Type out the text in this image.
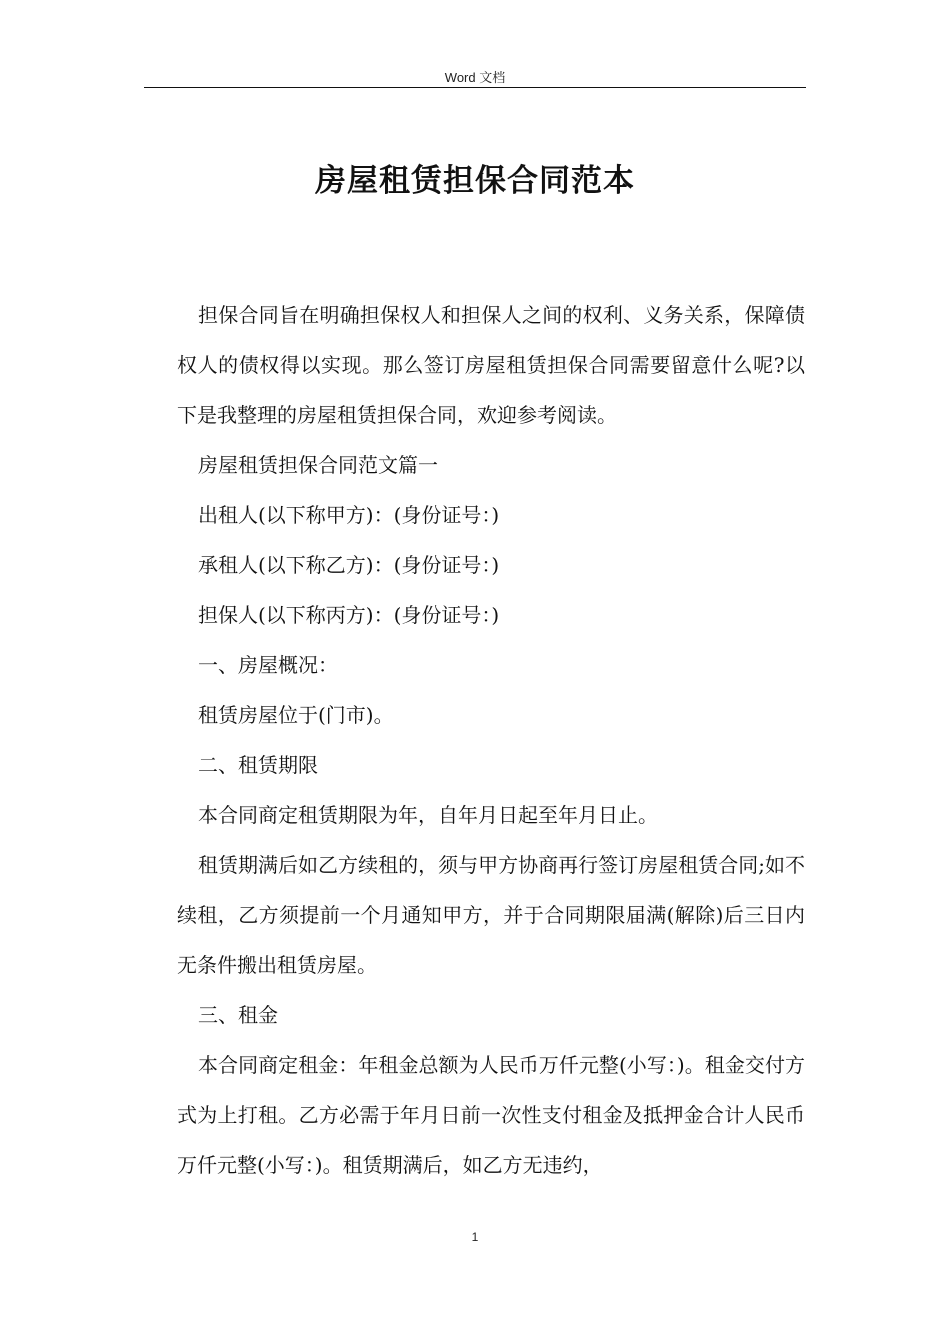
Word 文档
房屋租赁担保合同范本

担保合同旨在明确担保权人和担保人之间的权利、义务关系，保障债权人的债权得以实现。那么签订房屋租赁担保合同需要留意什么呢?以下是我整理的房屋租赁担保合同，欢迎参考阅读。

房屋租赁担保合同范文篇一

出租人(以下称甲方)：(身份证号：)

承租人(以下称乙方)：(身份证号：)

担保人(以下称丙方)：(身份证号：)

一、房屋概况：

租赁房屋位于(门市)。

二、租赁期限

本合同商定租赁期限为年，自年月日起至年月日止。

租赁期满后如乙方续租的，须与甲方协商再行签订房屋租赁合同;如不续租，乙方须提前一个月通知甲方，并于合同期限届满(解除)后三日内无条件搬出租赁房屋。

三、租金

本合同商定租金：年租金总额为人民币万仟元整(小写：)。租金交付方式为上打租。乙方必需于年月日前一次性支付租金及抵押金合计人民币万仟元整(小写：)。租赁期满后，如乙方无违约，

1
